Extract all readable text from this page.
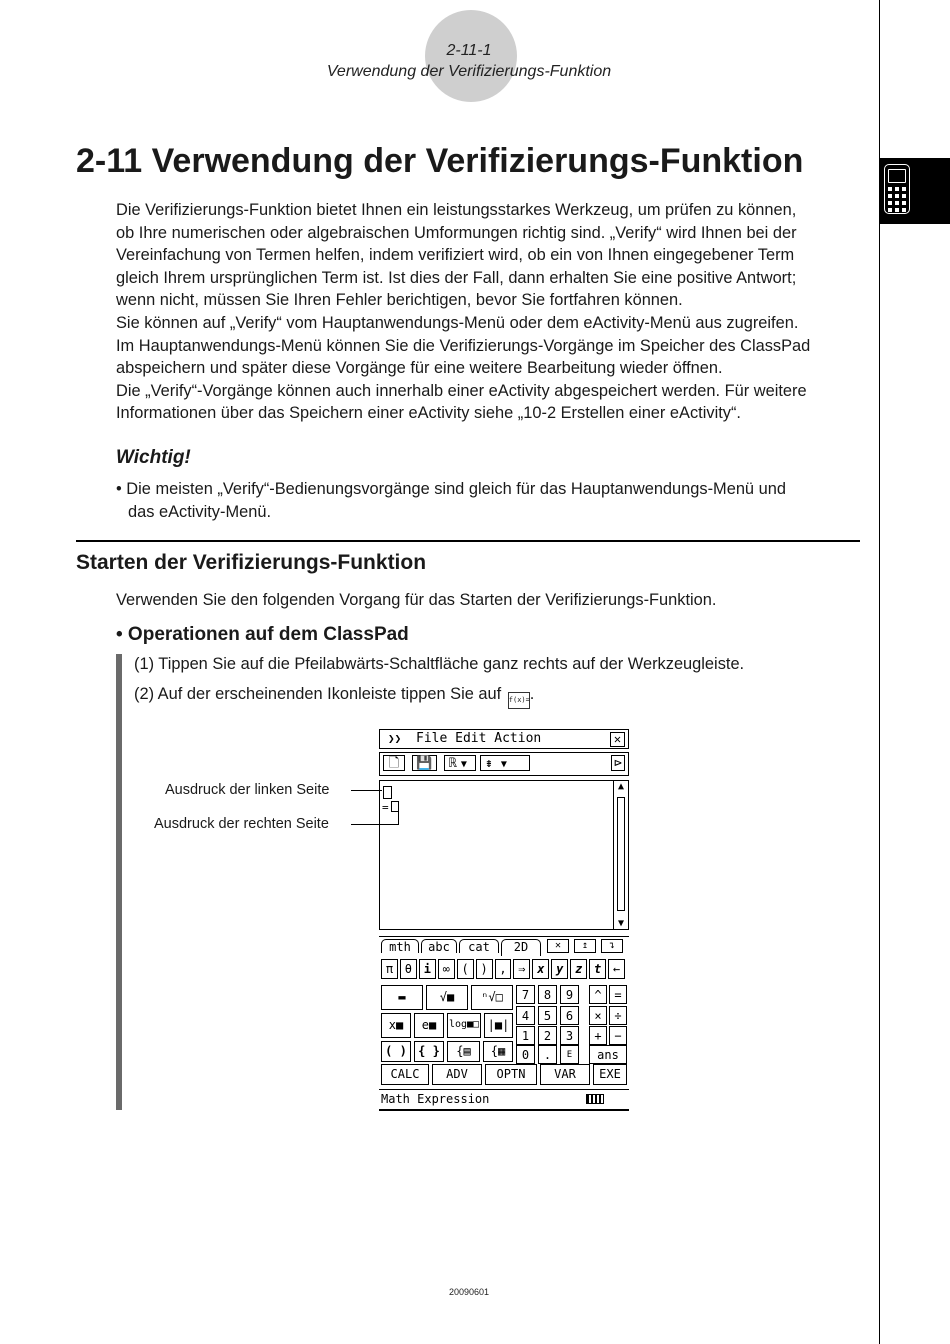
2-11-1
Verwendung der Verifizierungs-Funktion
2-11 Verwendung der Verifizierungs-Funktion

Die Verifizierungs-Funktion bietet Ihnen ein leistungsstarkes Werkzeug, um prüfen zu können,

ob Ihre numerischen oder algebraischen Umformungen richtig sind. „Verify“ wird Ihnen bei der

Vereinfachung von Termen helfen, indem verifiziert wird, ob ein von Ihnen eingegebener Term

gleich Ihrem ursprünglichen Term ist. Ist dies der Fall, dann erhalten Sie eine positive Antwort;

wenn nicht, müssen Sie Ihren Fehler berichtigen, bevor Sie fortfahren können.

Sie können auf „Verify“ vom Hauptanwendungs-Menü oder dem eActivity-Menü aus zugreifen.

Im Hauptanwendungs-Menü können Sie die Verifizierungs-Vorgänge im Speicher des ClassPad

abspeichern und später diese Vorgänge für eine weitere Bearbeitung wieder öffnen.

Die „Verify“-Vorgänge können auch innerhalb einer eActivity abgespeichert werden. Für weitere

Informationen über das Speichern einer eActivity siehe „10-2 Erstellen einer eActivity“.

Wichtig!
• Die meisten „Verify“-Bedienungsvorgänge sind gleich für das Hauptanwendungs-Menü und
das eActivity-Menü.
Starten der Verifizierungs-Funktion
Verwenden Sie den folgenden Vorgang für das Starten der Verifizierungs-Funktion.
• Operationen auf dem ClassPad
(1) Tippen Sie auf die Pfeilabwärts-Schaltfläche ganz rechts auf der Werkzeugleiste.
(2) Auf der erscheinenden Ikonleiste tippen Sie auf f(x)=.
Ausdruck der linken Seite
Ausdruck der rechten Seite
❯❯ File Edit Action	✕
🗋	💾	ℝ ▼	⇟ ▼	⊳
=
▲
▼
mth	abc	cat	2D	✕	↥	↴
π θ i ∞ ( ) , ⇒ x y z t ←
▬	√■	ⁿ√□
x■	e■	log■□ |■|
( ) { }	{▤	{▦
7	8	9	^	=
4	5	6	×	÷
1	2	3	+	−
0	.	E	ans
CALC	ADV	OPTN	VAR	EXE
Math Expression
20090601
